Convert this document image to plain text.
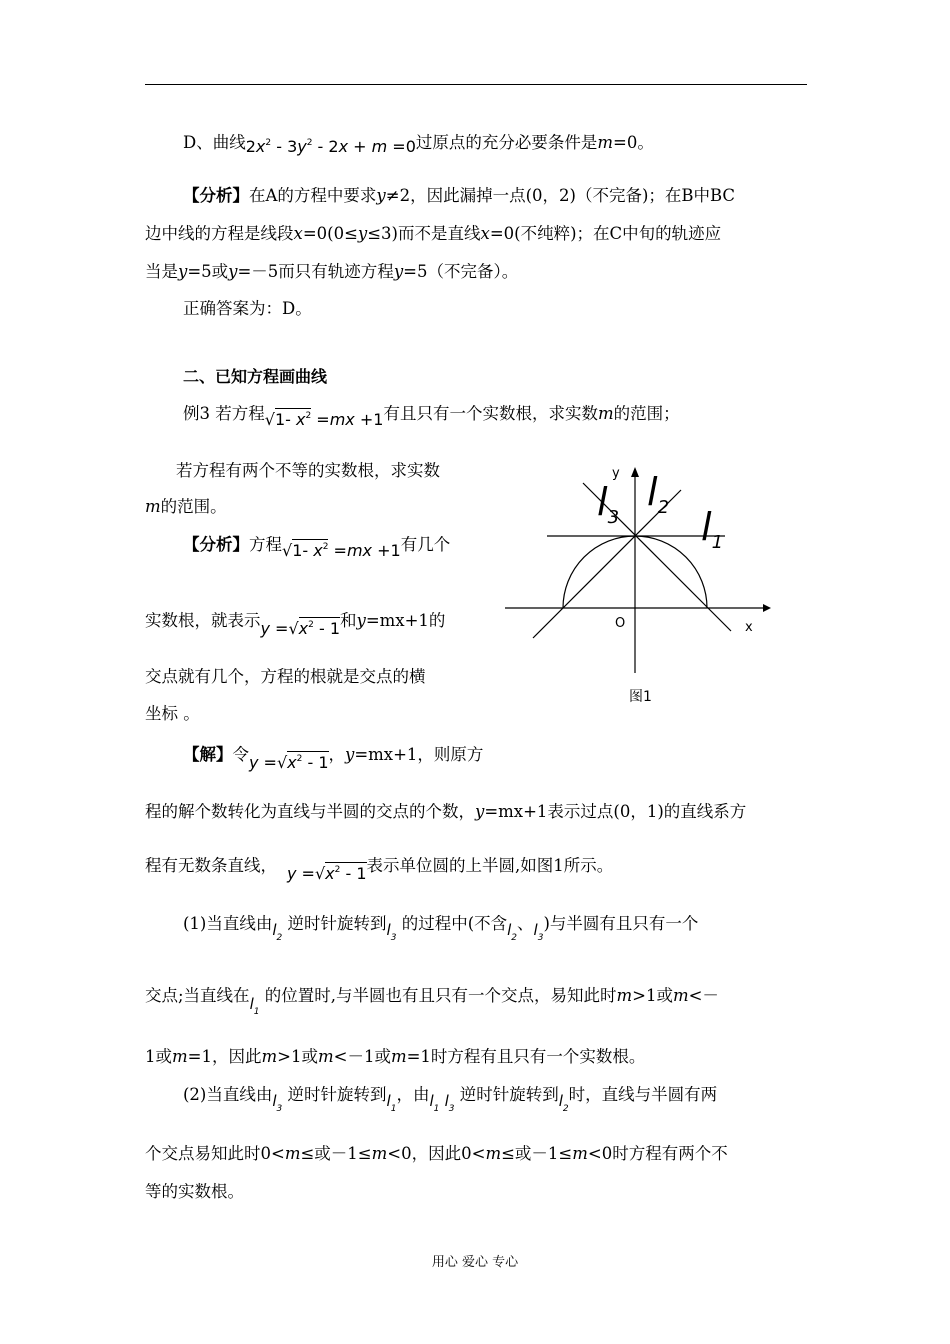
D、曲线$2x^2 - 3y^2 - 2x + m =0$过原点的充分必要条件是m=0。
【分析】在A的方程中要求y≠2，因此漏掉一点(0，2)（不完备)；在B中BC
边中线的方程是线段x=0(0≤y≤3)而不是直线x=0(不纯粹)；在C中旬的轨迹应
当是y=5或y=－5而只有轨迹方程y=5（不完备）。
正确答案为：D。
二、已知方程画曲线
例3 若方程√1- $x^2 =mx +1$有且只有一个实数根，求实数m的范围；
若方程有两个不等的实数根，求实数
m的范围。
【分析】方程√1- $x^2 =mx +1$有几个
实数根，就表示$y =√x^2 - 1$和y=mx+1的
交点就有几个，方程的根就是交点的横
坐标 。
y
x
O
$l_3$
$l_2$ $l_1$
图1
【解】令$y =√x^2 - 1$，y=mx+1，则原方
程的解个数转化为直线与半圆的交点的个数，y=mx+1表示过点(0，1)的直线系方
程有无数条直线， $y =√x^2 - 1$表示单位圆的上半圆,如图1所示。
(1)当直线由$l_2$ 逆时针旋转到$l_3$ 的过程中(不含$l_2$、$l_3$)与半圆有且只有一个
交点;当直线在$l_1$ 的位置时,与半圆也有且只有一个交点，易知此时m>1或m<－
1或m=1，因此m>1或m<－1或m=1时方程有且只有一个实数根。
(2)当直线由$l_3$ 逆时针旋转到$l_1$，由$l_1$ $l_3$ 逆时针旋转到$l_2$时，直线与半圆有两
个交点易知此时0<m≤或－1≤m<0，因此0<m≤或－1≤m<0时方程有两个不
等的实数根。
用心 爱心 专心
